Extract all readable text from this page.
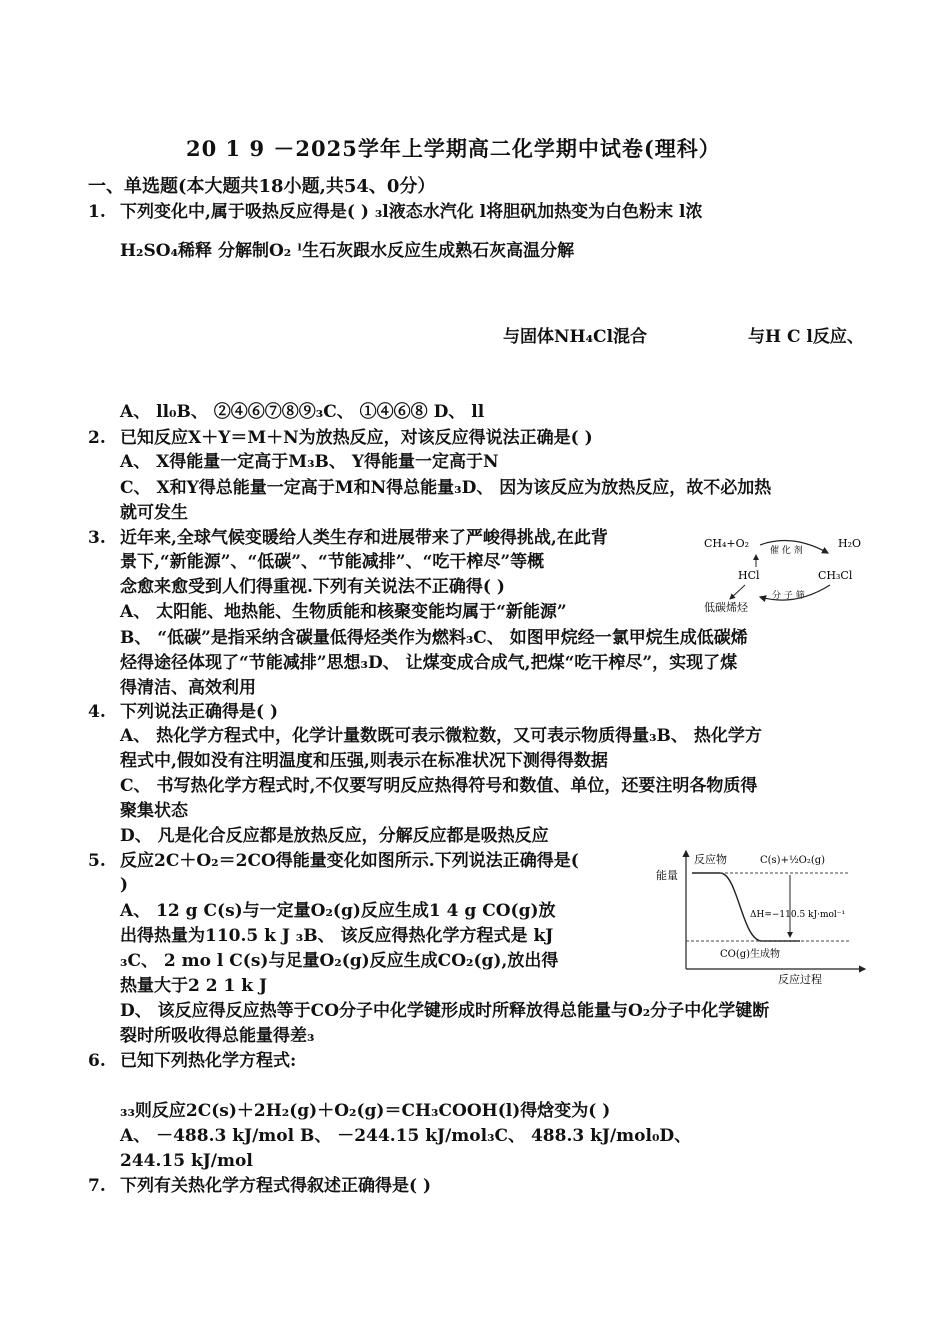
20 1 9 －2025学年上学期高二化学期中试卷(理科）
一、单选题(本大题共18小题,共54、0分）
1. 下列变化中,属于吸热反应得是( ) ₃l液态水汽化 l将胆矾加热变为白色粉末 l浓
H₂SO₄稀释 分解制O₂ ˡ生石灰跟水反应生成熟石灰高温分解
与固体NH₄Cl混合	与H C l反应、
A、 ll₀B、 ②④⑥⑦⑧⑨₃C、 ①④⑥⑧ D、 ll
2. 已知反应X＋Y＝M＋N为放热反应，对该反应得说法正确是( )
A、 X得能量一定高于M₃B、 Y得能量一定高于N
C、 X和Y得总能量一定高于M和N得总能量₃D、 因为该反应为放热反应，故不必加热
就可发生
3. 近年来,全球气候变暖给人类生存和进展带来了严峻得挑战,在此背
景下,“新能源”、“低碳”、“节能减排”、“吃干榨尽”等概
念愈来愈受到人们得重视.下列有关说法不正确得( )
A、 太阳能、地热能、生物质能和核聚变能均属于“新能源”
B、 “低碳”是指采纳含碳量低得烃类作为燃料₃C、 如图甲烷经一氯甲烷生成低碳烯
烃得途径体现了“节能减排”思想₃D、 让煤变成合成气,把煤“吃干榨尽”，实现了煤
得清洁、高效利用
CH₄+O₂	H₂O
催 化 剂
HCl	CH₃Cl
分 子 筛
低碳烯烃
4. 下列说法正确得是( )
A、 热化学方程式中，化学计量数既可表示微粒数，又可表示物质得量₃B、 热化学方
程式中,假如没有注明温度和压强,则表示在标准状况下测得得数据
C、 书写热化学方程式时,不仅要写明反应热得符号和数值、单位，还要注明各物质得
聚集状态
D、 凡是化合反应都是放热反应，分解反应都是吸热反应
5. 反应2C＋O₂＝2CO得能量变化如图所示.下列说法正确得是(
)
A、 12 g C(s)与一定量O₂(g)反应生成1 4 g CO(g)放
出得热量为110.5 k J ₃B、 该反应得热化学方程式是 kJ
₃C、 2 mo l C(s)与足量O₂(g)反应生成CO₂(g),放出得
热量大于2 2 1 k J
D、 该反应得反应热等于CO分子中化学键形成时所释放得总能量与O₂分子中化学键断
裂时所吸收得总能量得差₃
能量
反应过程
反应物	C(s)+½O₂(g)
ΔH=−110.5 kJ·mol⁻¹
CO(g)生成物
6. 已知下列热化学方程式:
₃₃则反应2C(s)＋2H₂(g)＋O₂(g)＝CH₃COOH(l)得焓变为( )
A、 －488.3 kJ/mol B、 －244.15 kJ/mol₃C、 488.3 kJ/mol₀D、
244.15 kJ/mol
7. 下列有关热化学方程式得叙述正确得是( )
